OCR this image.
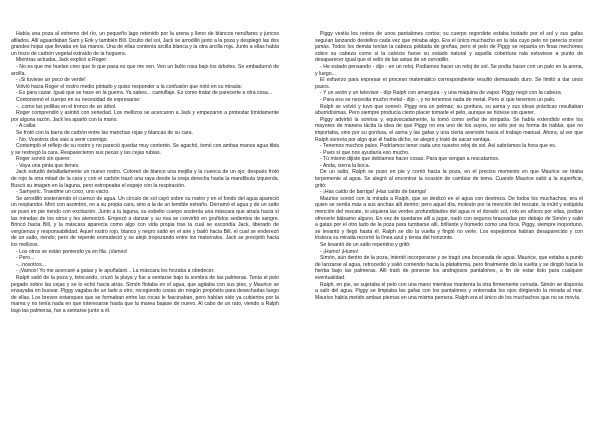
Había una poza al extremo del río, un pequeño lago retenido por la arena y lleno de blancos nenúfares y juncos afilados. Allí aguardaban Sam y Erik y también Bill. Oculto del sol, Jack se arrodilló junto a la poza y desplegó las dos grandes hojas que llevaba en las manos. Una de ellas contenía arcilla blanca y la otra arcilla roja. Junto a ellas había un trozo de carbón vegetal extraído de la hoguera.

Mientras actuaba, Jack explicó a Roger:

- No es que me huelan creo que lo que pasa es que me ven. Ven un bulto rosa bajo los árboles. Se embadurnó de arcilla.

- ¡Si tuviese un poco de verde!

Volvió hacia Roger el rostro medio pintado y quiso responder a la confusión que notó en su mirada:

- Es para cazar. Igual que se hace en la guerra. Ya sabes... camuflaje. Es como tratar de parecerte a otra cosa...

Contorsionó el cuerpo en su necesidad de expresarse:

-...como las polillas en el tronco de un árbol.

Roger comprendió y asintió con seriedad. Los mellizos se acercaron a Jack y empezaron a protestar tímidamente por alguna razón. Jack les apartó con la mano.

- A callar.

Se frotó con la barra de carbón entre las manchas rojas y blancas de su cara.

- No. Vosotros dos vais a venir conmigo.

Contempló el reflejo de su rostro y no pareció quedar muy contento. Se agachó, tomó con ambas manos agua tibia y se restregó la cara. Reaparecieron sus pecas y las cejas rubias.

Roger sonrió sin querer.

- Vaya una pinta que tienes.

Jack estudió detalladamente un nuevo rostro. Coloreó de blanco una mejilla y la cuenca de un ojo; después frotó de rojo la otra mitad de la cara y con el carbón trazó una raya desde la oreja derecha hasta la mandíbula izquierda. Buscó su imagen en la laguna, pero estropeaba el espejo con la respiración.

- Samyeric. Traedme un coco; uno vacío.

Se arrodilló sosteniendo el cuenco de agua. Un círculo de sol cayó sobre su rostro y en el fondo del agua apareció un resplandor. Miró con asombro, no a su propia cara, sino a la de un temible extraño. Derramó el agua y de un salto se puso en pie riendo con excitación. Junto a la laguna, su esbelto cuerpo sostenía una máscara que atraía hacia sí las miradas de los otros y les atemorizó. Empezó a danzar y su risa se convirtió en gruñidos sedientos de sangre. Brincó hacia Bill, y la máscara aparecía como algo con vida propia tras la cual se escondía Jack, liberado de vergüenza y responsabilidad. Aquel rostro rojo, blanco y negro saltó en el aire y bailó hacia Bill, el cual se enderezó de un salto, riendo; pero de repente enmudeció y se alejó tropezando entre los matorrales. Jack se precipitó hacia los mellizos.

- Los otros se están poniendo ya en fila. ¡Vamos!

- Pero...

-...nosotros...

- ¡Vamos! Yo me acercaré a gatas y le apuñalaré... La máscara les forzaba a obedecer.

Ralph salió de la poza y, brincando, cruzó la playa y fue a sentarse bajo la sombra de las palmeras. Tenía el pelo pegado sobre las cejas y se lo echó hacia atrás. Simón flotaba en el agua, que agitaba con sus pies, y Maurice se ensayaba en bucear. Piggy vagaba de un lado a otro, recogiendo cosas sin ningún propósito para desecharlas luego de ellas. Los breves estanques que se formaban entre las rocas le fascinaban, pero habían sido ya cubiertos por la marea y no tenía nada en que interesarse hasta que la marea bajase de nuevo. Al cabo de un rato, viendo a Ralph bajo las palmeras, fue a sentarse junto a él.

Piggy vestía los restos de unos pantalones cortos; su cuerpo regordete estaba tostado por el sol y sus gafas seguían lanzando destellos cada vez que miraba algo. Era el único muchacho en la isla cuyo pelo no parecía crecer jamás. Todos los demás tenían la cabeza poblada de greñas, pero el pelo de Piggy se repartía en finas mechones sobre su cabeza como si la calvicie fuese su estado natural y aquella cobertura rala estuviese a punto de desaparecer igual que el vello de las astas de un cervatillo.

- He estado pensando - dijo - en un reloj. Podíamos hacer un reloj de sol. Se podía hacer con un palo en la arena, y luego...

El esfuerzo para expresar el proceso matemático correspondiente resultó demasiado duro. Se limitó a dar unos pasos.

- Y un avión y un televisor - dijo Ralph con amargura - y una máquina de vapor. Piggy negó con la cabeza.

- Para eso se necesita mucho metal - dijo -, y no tenemos nada de metal. Pero sí que tenemos un palo.

Ralph se volvió y tuvo que sonreír. Piggy era un pelmaz; su gordura, su asma y sus ideas prácticas resultaban aburridísimas. Pero siempre producía cierto placer tomarle el pelo, aunque se hiciese sin querer.

Piggy advirtió la sonrisa y, equivocadamente, la tomó como señal de simpatía. Se había extendido entre los mayores de manera tácita la idea de que Piggy no era uno de los suyos, no sólo por su forma de hablar, que no importaba, sino por su gordura, el asma y las gafas y una cierta aversión hacia el trabajo manual. Ahora, al ver que Ralph sonreía por algo que él había dicho, se alegró y trató de sacar ventaja.

- Tenemos muchos palos. Podríamos tener cada uno nuestro reloj de sol. Así sabríamos la hora que es.

- Pues sí que nos ayudaría eso mucho.

- Tú mismo dijiste que debíamos hacer cosas. Para que vengan a rescatarnos.

- Anda, cierra la boca.

De un salto, Ralph se puso en pie y corrió hacia la poza, en el preciso momento en que Maurice se tiraba torpemente al agua. Se alegró al encontrar la ocasión de cambiar de tema. Cuando Maurice salió a la superficie, gritó:

- ¡Has caído de barriga! ¡Has caído de barriga!

Maurice sonrió con la mirada a Ralph, que se deslizó en el agua con destreza. De todos los muchachos, era el quien se sentía más a sus anchas allí dentro; pero aquel día, molesto por la mención del rescate, la inútil y estúpida mención del rescate, ni siquiera las verdes profundidades del agua ni el dorado sol, roto en añicos por ellas, podían ofrecerle bálsamo alguno. En vez de quedarse allí a jugar, nadó con seguros braceadas por debajo de Simón y salió a gatas por el otro lado de la poza para tumbarse allí, brillante y húmedo como una foca. Piggy, siempre inoportuno, se levantó y llegó hasta él. Ralph se dio la vuelta y fingió no verle. Los espejismos habían desaparecido y con tristeza su mirada recorrió la línea azul y tensa del horizonte.

Se levantó de un salto repentino y gritó:

- ¡Humo! ¡Humo!

Simón, aún dentro de la poza, intentó incorporarse y se tragó una bocanada de agua. Maurice, que estaba a punto de lanzarse al agua, retrocedió y salió corriendo hacia la plataforma, pero finalmente dio la vuelta y se dirigió hacia la hierba bajo las palmeras. Allí trató de ponerse los andrajosos pantalones, a fin de estar listo para cualquier eventualidad.

Ralph, en pie, se sujetaba el pelo con una mano mientras mantenía la otra firmemente cerrada. Simón se disponía a salir del agua. Piggy se limpiaba las gafas con los pantalones y entornaba los ojos dirigiendo la mirada al mar. Maurice había metido ambas piernas en una misma pernera. Ralph era el único de los muchachos que no se movía.
